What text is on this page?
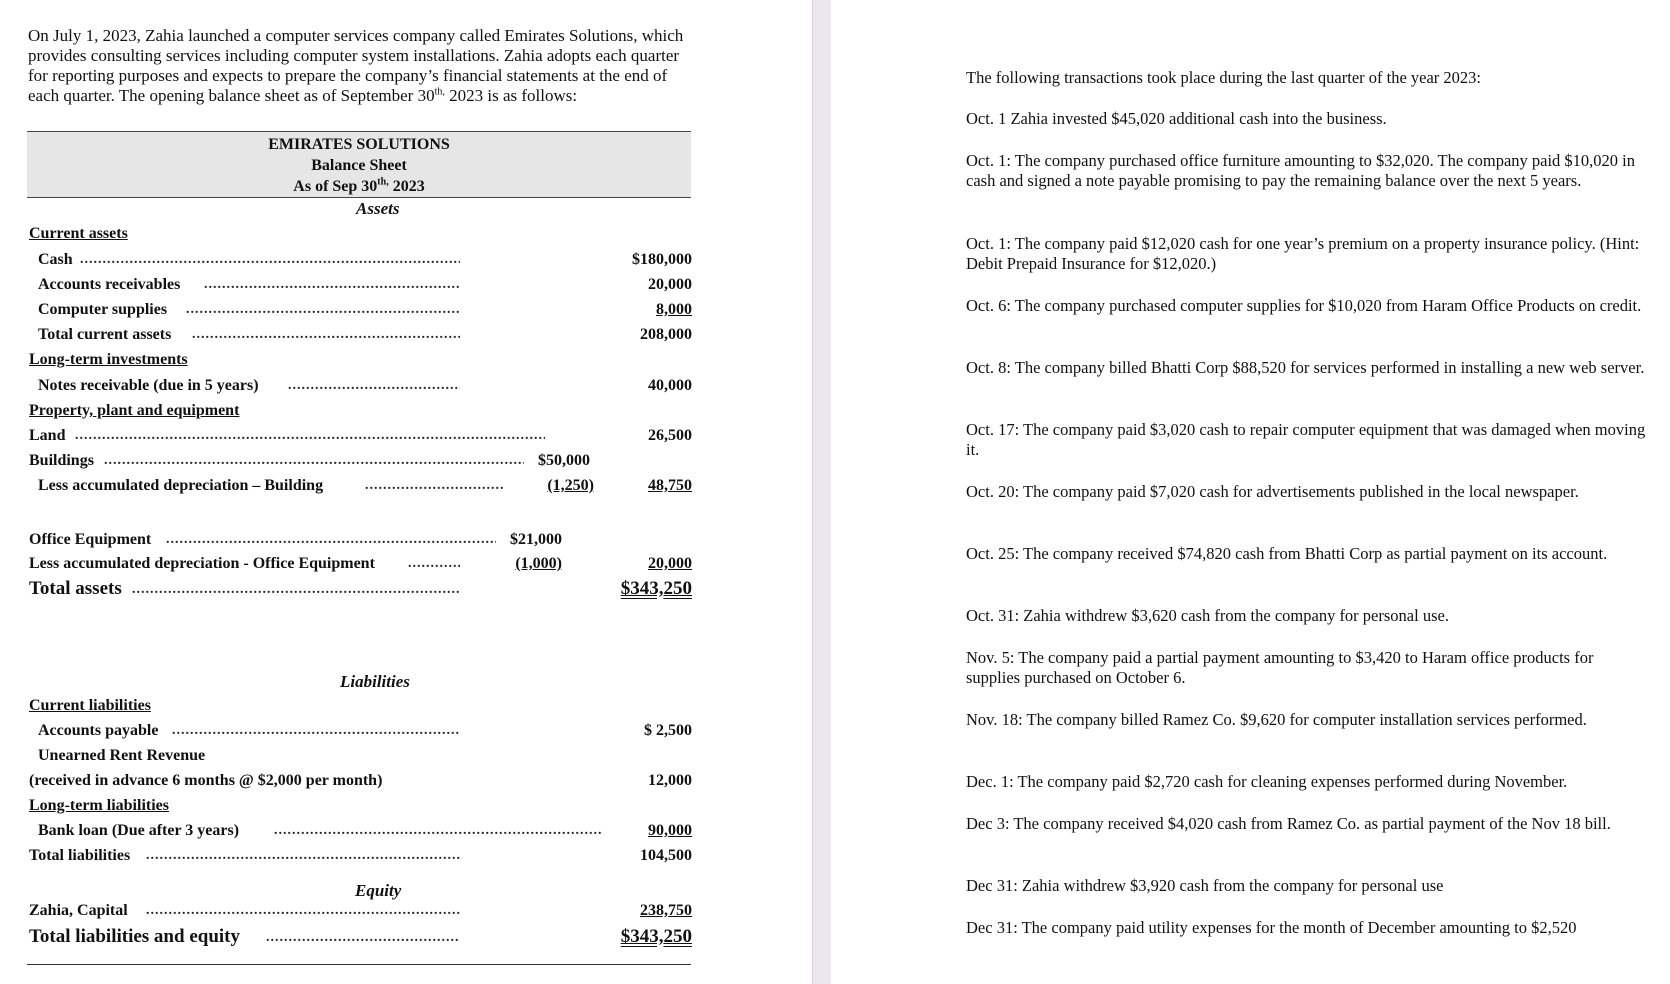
On July 1, 2023, Zahia launched a computer services company called Emirates Solutions, which provides consulting services including computer system installations. Zahia adopts each quarter for reporting purposes and expects to prepare the company’s financial statements at the end of each quarter. The opening balance sheet as of September $30^{th,}$ 2023 is as follows:

EMIRATES SOLUTIONS
Balance Sheet
As of Sep $30^{th,}$ 2023
Assets
Current assets
Cash .....	$180,000
Accounts receivables .....	20,000
Computer supplies .....	8,000
Total current assets .....	208,000
Long-term investments
Notes receivable (due in 5 years) .....	40,000
Property, plant and equipment
Land .....	26,500
Buildings .....	$50,000
Less accumulated depreciation – Building .....	(1,250)	48,750
Office Equipment .....	$21,000
Less accumulated depreciation - Office Equipment .....	(1,000)	20,000
Total assets .....	$343,250
Liabilities
Current liabilities
Accounts payable .....	$ 2,500
Unearned Rent Revenue
(received in advance 6 months @ $2,000 per month)	12,000
Long-term liabilities
Bank loan (Due after 3 years) .....	90,000
Total liabilities .....	104,500
Equity
Zahia, Capital .....	238,750
Total liabilities and equity .....	$343,250

The following transactions took place during the last quarter of the year 2023:

Oct. 1 Zahia invested $45,020 additional cash into the business.

Oct. 1: The company purchased office furniture amounting to $32,020. The company paid $10,020 in cash and signed a note payable promising to pay the remaining balance over the next 5 years.

Oct. 1: The company paid $12,020 cash for one year’s premium on a property insurance policy. (Hint: Debit Prepaid Insurance for $12,020.)

Oct. 6: The company purchased computer supplies for $10,020 from Haram Office Products on credit.

Oct. 8: The company billed Bhatti Corp $88,520 for services performed in installing a new web server.

Oct. 17: The company paid $3,020 cash to repair computer equipment that was damaged when moving it.

Oct. 20: The company paid $7,020 cash for advertisements published in the local newspaper.

Oct. 25: The company received $74,820 cash from Bhatti Corp as partial payment on its account.

Oct. 31: Zahia withdrew $3,620 cash from the company for personal use.

Nov. 5: The company paid a partial payment amounting to $3,420 to Haram office products for supplies purchased on October 6.

Nov. 18: The company billed Ramez Co. $9,620 for computer installation services performed.

Dec. 1: The company paid $2,720 cash for cleaning expenses performed during November.

Dec 3: The company received $4,020 cash from Ramez Co. as partial payment of the Nov 18 bill.

Dec 31: Zahia withdrew $3,920 cash from the company for personal use

Dec 31: The company paid utility expenses for the month of December amounting to $2,520
